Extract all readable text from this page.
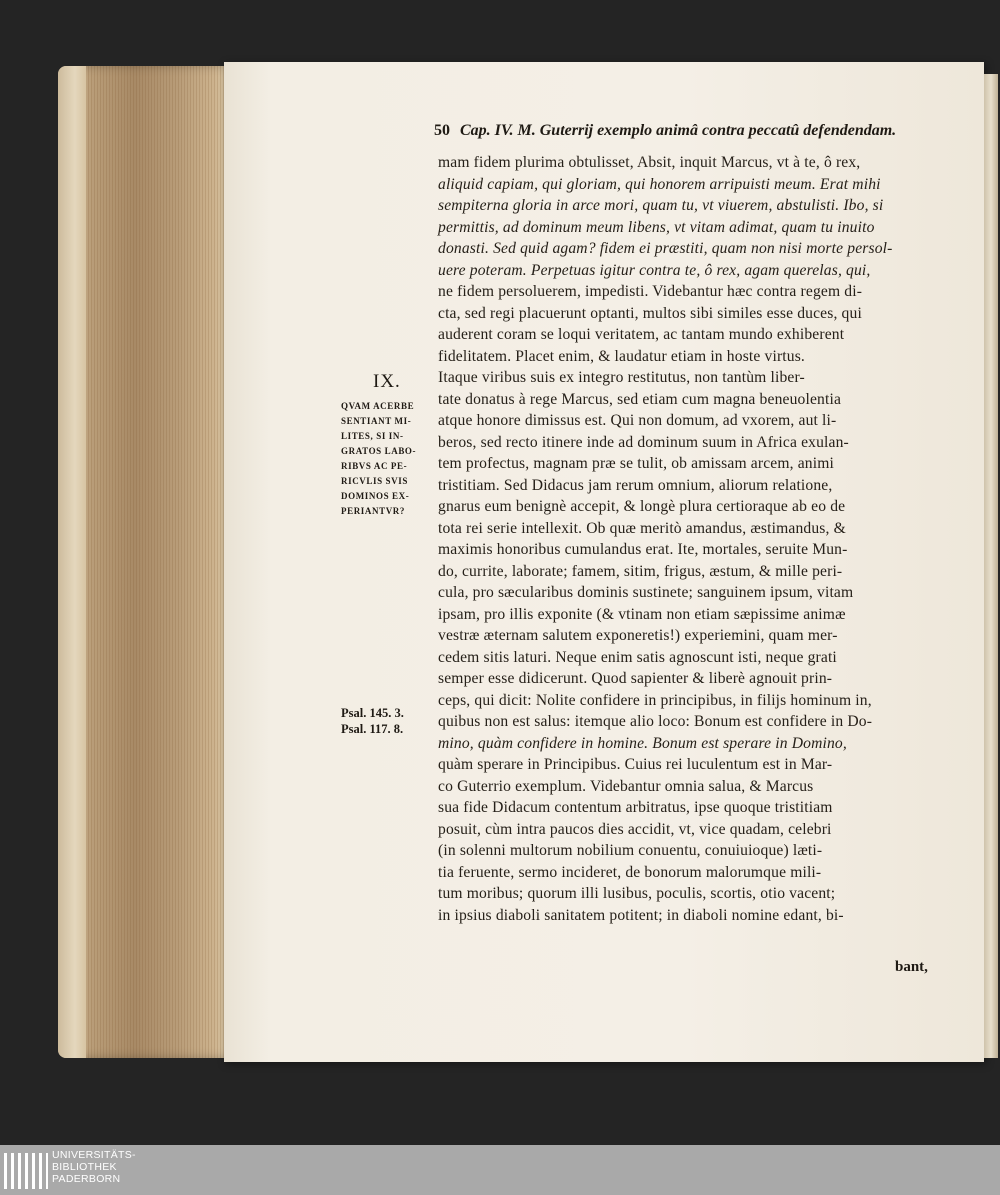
50 Cap. IV. M. Guterrij exemplo animâ contra peccatû defendendam.
mam fidem plurima obtulisset, Absit, inquit Marcus, vt à te, ô rex,
aliquid capiam, qui gloriam, qui honorem arripuisti meum. Erat mihi
sempiterna gloria in arce mori, quam tu, vt viuerem, abstulisti. Ibo, si
permittis, ad dominum meum libens, vt vitam adimat, quam tu inuito
donasti. Sed quid agam? fidem ei præstiti, quam non nisi morte persol-
uere poteram. Perpetuas igitur contra te, ô rex, agam querelas, qui,
ne fidem persoluerem, impedisti. Videbantur hæc contra regem di-
cta, sed regi placuerunt optanti, multos sibi similes esse duces, qui
auderent coram se loqui veritatem, ac tantam mundo exhiberent
fidelitatem. Placet enim, & laudatur etiam in hoste virtus.
Itaque viribus suis ex integro restitutus, non tantùm liber-
tate donatus à rege Marcus, sed etiam cum magna beneuolentia
atque honore dimissus est. Qui non domum, ad vxorem, aut li-
beros, sed recto itinere inde ad dominum suum in Africa exulan-
tem profectus, magnam præ se tulit, ob amissam arcem, animi
tristitiam. Sed Didacus jam rerum omnium, aliorum relatione,
gnarus eum benignè accepit, & longè plura certioraque ab eo de
tota rei serie intellexit. Ob quæ meritò amandus, æstimandus, &
maximis honoribus cumulandus erat. Ite, mortales, seruite Mun-
do, currite, laborate; famem, sitim, frigus, æstum, & mille peri-
cula, pro sæcularibus dominis sustinete; sanguinem ipsum, vitam
ipsam, pro illis exponite (& vtinam non etiam sæpissime animæ
vestræ æternam salutem exponeretis!) experiemini, quam mer-
cedem sitis laturi. Neque enim satis agnoscunt isti, neque grati
semper esse didicerunt. Quod sapienter & liberè agnouit prin-
ceps, qui dicit: Nolite confidere in principibus, in filijs hominum in,
quibus non est salus: itemque alio loco: Bonum est confidere in Do-
mino, quàm confidere in homine. Bonum est sperare in Domino,
quàm sperare in Principibus. Cuius rei luculentum est in Mar-
co Guterrio exemplum. Videbantur omnia salua, & Marcus
sua fide Didacum contentum arbitratus, ipse quoque tristitiam
posuit, cùm intra paucos dies accidit, vt, vice quadam, celebri
(in solenni multorum nobilium conuentu, conuiuioque) læti-
tia feruente, sermo incideret, de bonorum malorumque mili-
tum moribus; quorum illi lusibus, poculis, scortis, otio vacent;
in ipsius diaboli sanitatem potitent; in diaboli nomine edant, bi-
bant,
IX.
QVAM ACERBE
SENTIANT MI-
LITES, SI IN-
GRATOS LABO-
RIBVS AC PE-
RICVLIS SVIS
DOMINOS EX-
PERIANTVR?
Psal. 145. 3.
Psal. 117. 8.
UNIVERSITÄTS-
BIBLIOTHEK
PADERBORN
